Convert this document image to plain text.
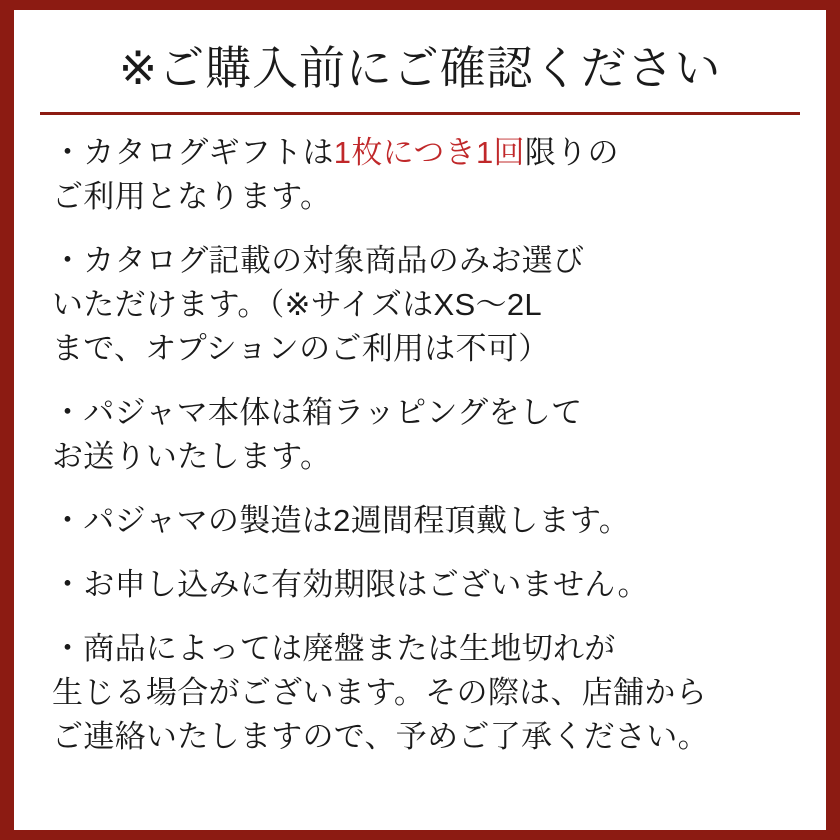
※ご購入前にご確認ください

・カタログギフトは1枚につき1回限りの
ご利用となります。

・カタログ記載の対象商品のみお選び
いただけます。（※サイズはXS〜2L
まで、オプションのご利用は不可）

・パジャマ本体は箱ラッピングをして
お送りいたします。

・パジャマの製造は2週間程頂戴します。

・お申し込みに有効期限はございません。

・商品によっては廃盤または生地切れが
生じる場合がございます。その際は、店舗から
ご連絡いたしますので、予めご了承ください。
